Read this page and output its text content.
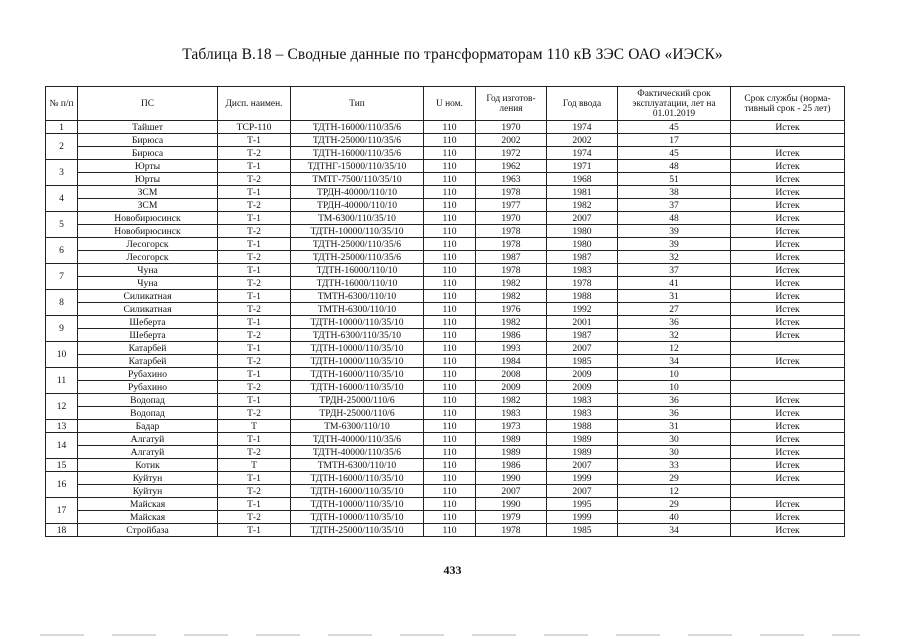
Таблица В.18 – Сводные данные по трансформаторам 110 кВ ЗЭС ОАО «ИЭСК»
№ п/п	ПС	Дисп. наимен.	Тип	U ном.	Год изготов-ления	Год ввода	Фактический срок эксплуатации, лет на 01.01.2019	Срок службы (норма-тивный срок - 25 лет)
1	Тайшет	ТСР-110	ТДТН-16000/110/35/6	110	1970	1974	45	Истек
2	Бирюса	Т-1	ТДТН-25000/110/35/6	110	2002	2002	17	
	Бирюса	Т-2	ТДТН-16000/110/35/6	110	1972	1974	45	Истек
3	Юрты	Т-1	ТДТНГ-15000/110/35/10	110	1962	1971	48	Истек
	Юрты	Т-2	ТМТГ-7500/110/35/10	110	1963	1968	51	Истек
4	ЗСМ	Т-1	ТРДН-40000/110/10	110	1978	1981	38	Истек
	ЗСМ	Т-2	ТРДН-40000/110/10	110	1977	1982	37	Истек
5	Новобирюсинск	Т-1	ТМ-6300/110/35/10	110	1970	2007	48	Истек
	Новобирюсинск	Т-2	ТДТН-10000/110/35/10	110	1978	1980	39	Истек
6	Лесогорск	Т-1	ТДТН-25000/110/35/6	110	1978	1980	39	Истек
	Лесогорск	Т-2	ТДТН-25000/110/35/6	110	1987	1987	32	Истек
7	Чуна	Т-1	ТДТН-16000/110/10	110	1978	1983	37	Истек
	Чуна	Т-2	ТДТН-16000/110/10	110	1982	1978	41	Истек
8	Силикатная	Т-1	ТМТН-6300/110/10	110	1982	1988	31	Истек
	Силикатная	Т-2	ТМТН-6300/110/10	110	1976	1992	27	Истек
9	Шеберта	Т-1	ТДТН-10000/110/35/10	110	1982	2001	36	Истек
	Шеберта	Т-2	ТДТН-6300/110/35/10	110	1986	1987	32	Истек
10	Катарбей	Т-1	ТДТН-10000/110/35/10	110	1993	2007	12	
	Катарбей	Т-2	ТДТН-10000/110/35/10	110	1984	1985	34	Истек
11	Рубахино	Т-1	ТДТН-16000/110/35/10	110	2008	2009	10	
	Рубахино	Т-2	ТДТН-16000/110/35/10	110	2009	2009	10	
12	Водопад	Т-1	ТРДН-25000/110/6	110	1982	1983	36	Истек
	Водопад	Т-2	ТРДН-25000/110/6	110	1983	1983	36	Истек
13	Бадар	Т	ТМ-6300/110/10	110	1973	1988	31	Истек
14	Алгатуй	Т-1	ТДТН-40000/110/35/6	110	1989	1989	30	Истек
	Алгатуй	Т-2	ТДТН-40000/110/35/6	110	1989	1989	30	Истек
15	Котик	Т	ТМТН-6300/110/10	110	1986	2007	33	Истек
16	Куйтун	Т-1	ТДТН-16000/110/35/10	110	1990	1999	29	Истек
	Куйтун	Т-2	ТДТН-16000/110/35/10	110	2007	2007	12	
17	Майская	Т-1	ТДТН-10000/110/35/10	110	1990	1995	29	Истек
	Майская	Т-2	ТДТН-10000/110/35/10	110	1979	1999	40	Истек
18	Стройбаза	Т-1	ТДТН-25000/110/35/10	110	1978	1985	34	Истек
433
